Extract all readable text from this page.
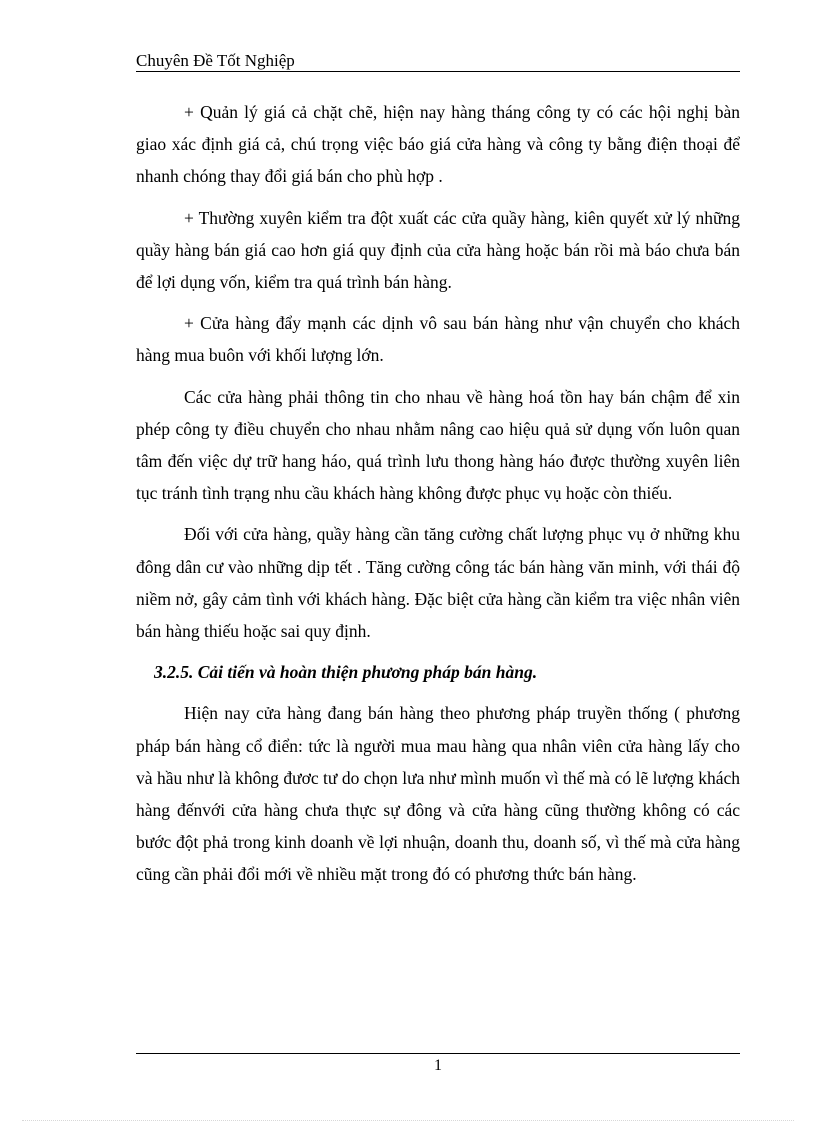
Chuyên Đề Tốt Nghiệp

+ Quản lý giá cả chặt chẽ, hiện nay hàng tháng công ty có các hội nghị bàn giao xác định giá cả, chú trọng việc báo giá cửa hàng và công ty bằng điện thoại để nhanh chóng thay đổi giá bán cho phù hợp .

+ Thường xuyên kiểm tra đột xuất các cửa quầy hàng, kiên quyết xử lý những quầy hàng bán giá cao hơn giá quy định của cửa hàng hoặc bán rồi mà báo chưa bán để lợi dụng vốn, kiểm tra quá trình bán hàng.

+ Cửa hàng đẩy mạnh các dịnh vô sau bán hàng như vận chuyển cho khách hàng mua buôn với khối lượng lớn.

Các cửa hàng phải thông tin cho nhau về hàng hoá tồn hay bán chậm để xin phép công ty điều chuyển cho nhau nhằm nâng cao hiệu quả sử dụng vốn luôn quan tâm đến việc dự trữ hang háo, quá trình lưu thong hàng háo được thường xuyên liên tục tránh tình trạng nhu cầu khách hàng không được phục vụ hoặc còn thiếu.

Đối với cửa hàng, quầy hàng cần tăng cường chất lượng phục vụ ở những khu đông dân cư vào những dịp tết . Tăng cường công tác bán hàng văn minh, với thái độ niềm nở, gây cảm tình với khách hàng. Đặc biệt cửa hàng cần kiểm tra việc nhân viên bán hàng thiếu hoặc sai quy định.

3.2.5. Cải tiến và hoàn thiện phương pháp bán hàng.

Hiện nay cửa hàng đang bán hàng theo phương pháp truyền thống ( phương pháp bán hàng cổ điển: tức là người mua mau hàng qua nhân viên cửa hàng lấy cho và hầu như là không đươc tư do chọn lưa như mình muốn vì thế mà có lẽ lượng khách hàng đếnvới cửa hàng chưa thực sự đông và cửa hàng cũng thường không có các bước đột phả trong kinh doanh về lợi nhuận, doanh thu, doanh số, vì thế mà cửa hàng cũng cần phải đổi mới về nhiều mặt trong đó có phương thức bán hàng.

1
